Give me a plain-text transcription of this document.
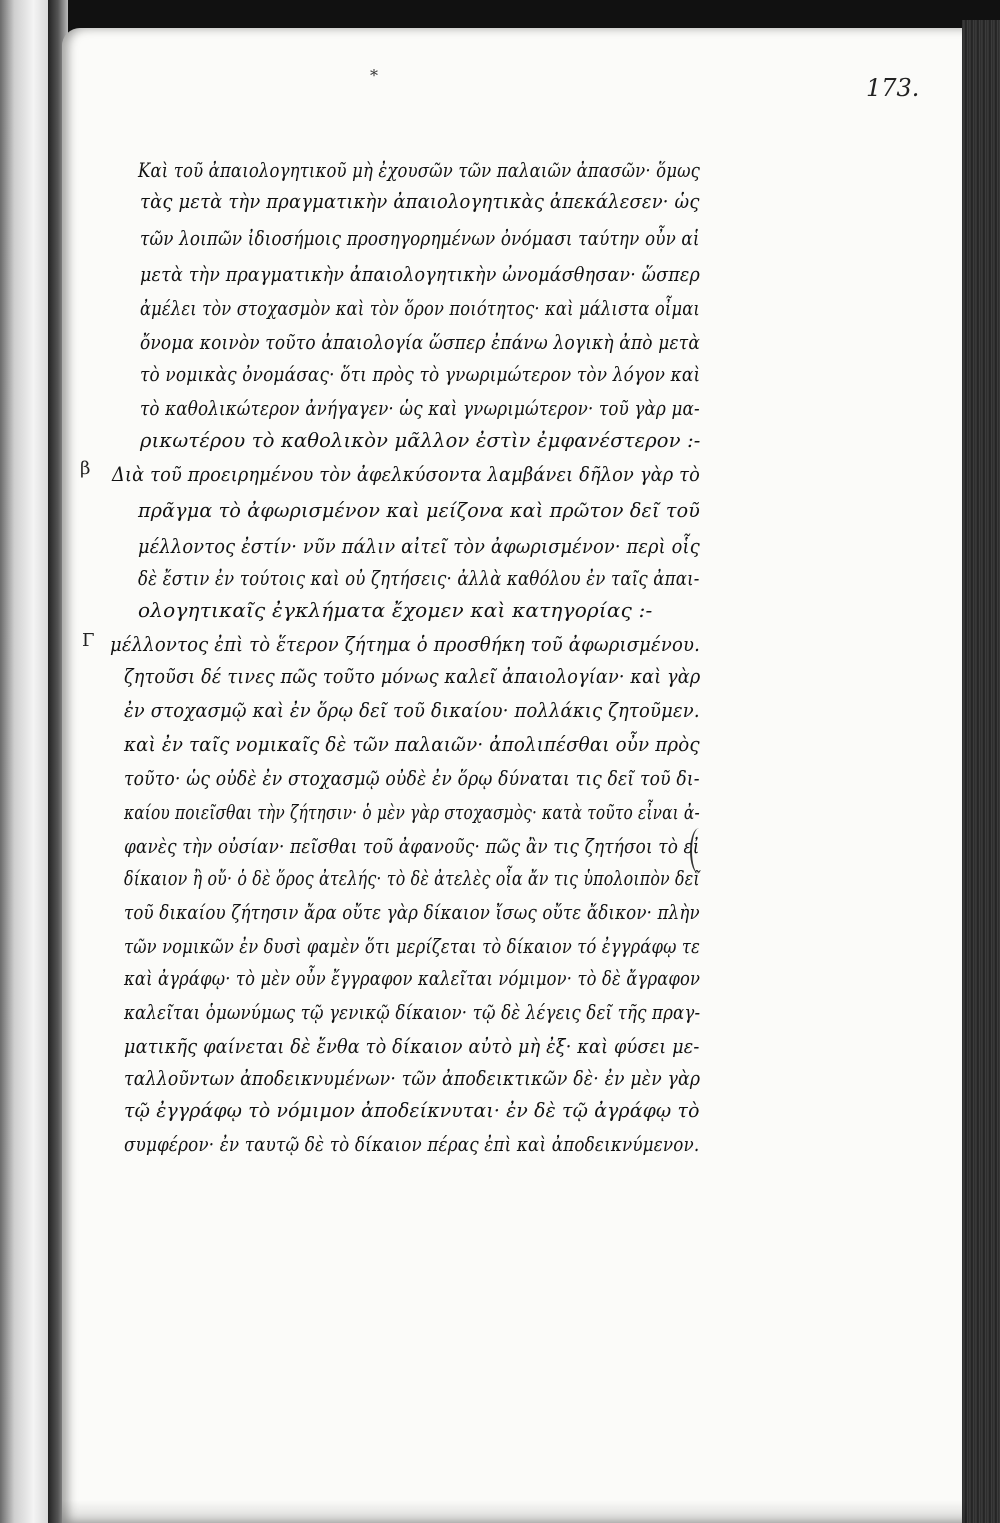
*	173.
β
Γ
Καὶ τοῦ ἀπαιολογητικοῦ μὴ ἐχουσῶν τῶν παλαιῶν ἀπασῶν· ὅμως
τὰς μετὰ τὴν πραγματικὴν ἀπαιολογητικὰς ἀπεκάλεσεν· ὡς
τῶν λοιπῶν ἰδιοσήμοις προσηγορημένων ὀνόμασι ταύτην οὖν αἱ
μετὰ τὴν πραγματικὴν ἀπαιολογητικὴν ὠνομάσθησαν· ὥσπερ
ἀμέλει τὸν στοχασμὸν καὶ τὸν ὅρον ποιότητος· καὶ μάλιστα οἶμαι
ὄνομα κοινὸν τοῦτο ἀπαιολογία ὥσπερ ἐπάνω λογικὴ ἀπὸ μετὰ
τὸ νομικὰς ὀνομάσας· ὅτι πρὸς τὸ γνωριμώτερον τὸν λόγον καὶ
τὸ καθολικώτερον ἀνήγαγεν· ὡς καὶ γνωριμώτερον· τοῦ γὰρ μα-
ρικωτέρου τὸ καθολικὸν μᾶλλον ἐστὶν ἐμφανέστερον :-
Διὰ τοῦ προειρημένου τὸν ἀφελκύσοντα λαμβάνει δῆλον γὰρ τὸ
πρᾶγμα τὸ ἀφωρισμένον καὶ μείζονα καὶ πρῶτον δεῖ τοῦ
μέλλοντος ἐστίν· νῦν πάλιν αἰτεῖ τὸν ἀφωρισμένον· περὶ οἷς
δὲ ἔστιν ἐν τούτοις καὶ οὐ ζητήσεις· ἀλλὰ καθόλου ἐν ταῖς ἀπαι-
ολογητικαῖς ἐγκλήματα ἔχομεν καὶ κατηγορίας :-
μέλλοντος ἐπὶ τὸ ἕτερον ζήτημα ὁ προσθήκη τοῦ ἀφωρισμένου.
ζητοῦσι δέ τινες πῶς τοῦτο μόνως καλεῖ ἀπαιολογίαν· καὶ γὰρ
ἐν στοχασμῷ καὶ ἐν ὅρῳ δεῖ τοῦ δικαίου· πολλάκις ζητοῦμεν.
καὶ ἐν ταῖς νομικαῖς δὲ τῶν παλαιῶν· ἀπολιπέσθαι οὖν πρὸς
τοῦτο· ὡς οὐδὲ ἐν στοχασμῷ οὐδὲ ἐν ὅρῳ δύναται τις δεῖ τοῦ δι-
καίου ποιεῖσθαι τὴν ζήτησιν· ὁ μὲν γὰρ στοχασμὸς· κατὰ τοῦτο εἶναι ἀ-
φανὲς τὴν οὐσίαν· πεῖσθαι τοῦ ἀφανοῦς· πῶς ἂν τις ζητήσοι τὸ εἰ
δίκαιον ἢ οὔ· ὁ δὲ ὅρος ἀτελής· τὸ δὲ ἀτελὲς οἶα ἄν τις ὑπολοιπὸν δεῖ
τοῦ δικαίου ζήτησιν ἄρα οὔτε γὰρ δίκαιον ἴσως οὔτε ἄδικον· πλὴν
τῶν νομικῶν ἐν δυσὶ φαμὲν ὅτι μερίζεται τὸ δίκαιον τό ἐγγράφῳ τε
καὶ ἀγράφῳ· τὸ μὲν οὖν ἔγγραφον καλεῖται νόμιμον· τὸ δὲ ἄγραφον
καλεῖται ὁμωνύμως τῷ γενικῷ δίκαιον· τῷ δὲ λέγεις δεῖ τῆς πραγ-
ματικῆς φαίνεται δὲ ἔνθα τὸ δίκαιον αὐτὸ μὴ ἐξ· καὶ φύσει με-
ταλλοῦντων ἀποδεικνυμένων· τῶν ἀποδεικτικῶν δὲ· ἐν μὲν γὰρ
τῷ ἐγγράφῳ τὸ νόμιμον ἀποδείκνυται· ἐν δὲ τῷ ἀγράφῳ τὸ
συμφέρον· ἐν ταυτῷ δὲ τὸ δίκαιον πέρας ἐπὶ καὶ ἀποδεικνύμενον.
